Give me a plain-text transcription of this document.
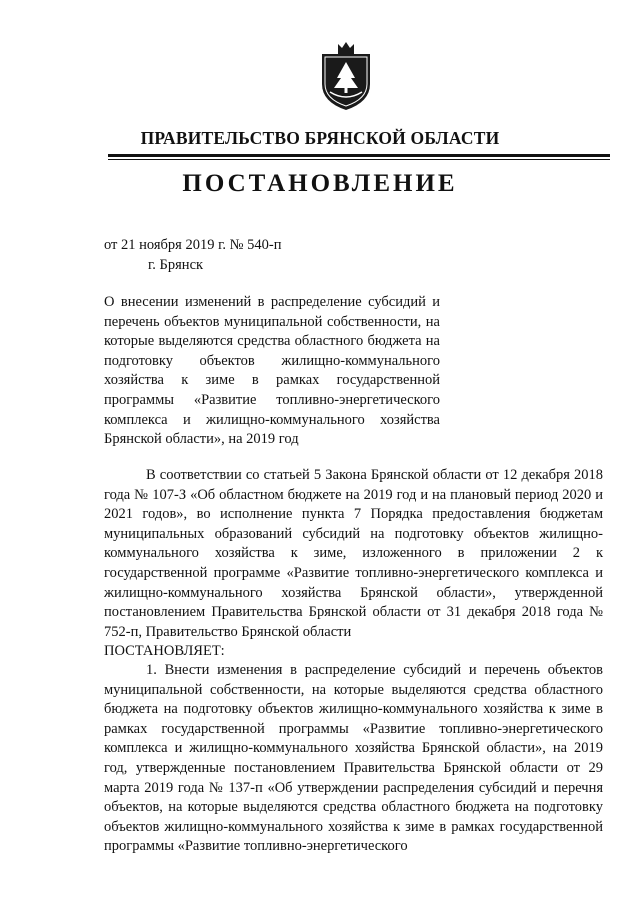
ПРАВИТЕЛЬСТВО БРЯНСКОЙ ОБЛАСТИ
ПОСТАНОВЛЕНИЕ
от 21 ноября 2019 г. № 540-п
г. Брянск
О внесении изменений в распределение субсидий и перечень объектов муниципальной собственности, на которые выделяются средства областного бюджета на подготовку объектов жилищно-коммунального хозяйства к зиме в рамках государственной программы «Развитие топливно-энергетического комплекса и жилищно-коммунального хозяйства Брянской области», на 2019 год
В соответствии со статьей 5 Закона Брянской области от 12 декабря 2018 года № 107-З «Об областном бюджете на 2019 год и на плановый период 2020 и 2021 годов», во исполнение пункта 7 Порядка предоставления бюджетам муниципальных образований субсидий на подготовку объектов жилищно-коммунального хозяйства к зиме, изложенного в приложении 2 к государственной программе «Развитие топливно-энергетического комплекса и жилищно-коммунального хозяйства Брянской области», утвержденной постановлением Правительства Брянской области от 31 декабря 2018 года № 752-п, Правительство Брянской области
ПОСТАНОВЛЯЕТ:
1. Внести изменения в распределение субсидий и перечень объектов муниципальной собственности, на которые выделяются средства областного бюджета на подготовку объектов жилищно-коммунального хозяйства к зиме в рамках государственной программы «Развитие топливно-энергетического комплекса и жилищно-коммунального хозяйства Брянской области», на 2019 год, утвержденные постановлением Правительства Брянской области от 29 марта 2019 года № 137-п «Об утверждении распределения субсидий и перечня объектов, на которые выделяются средства областного бюджета на подготовку объектов жилищно-коммунального хозяйства к зиме в рамках государственной программы «Развитие топливно-энергетического
